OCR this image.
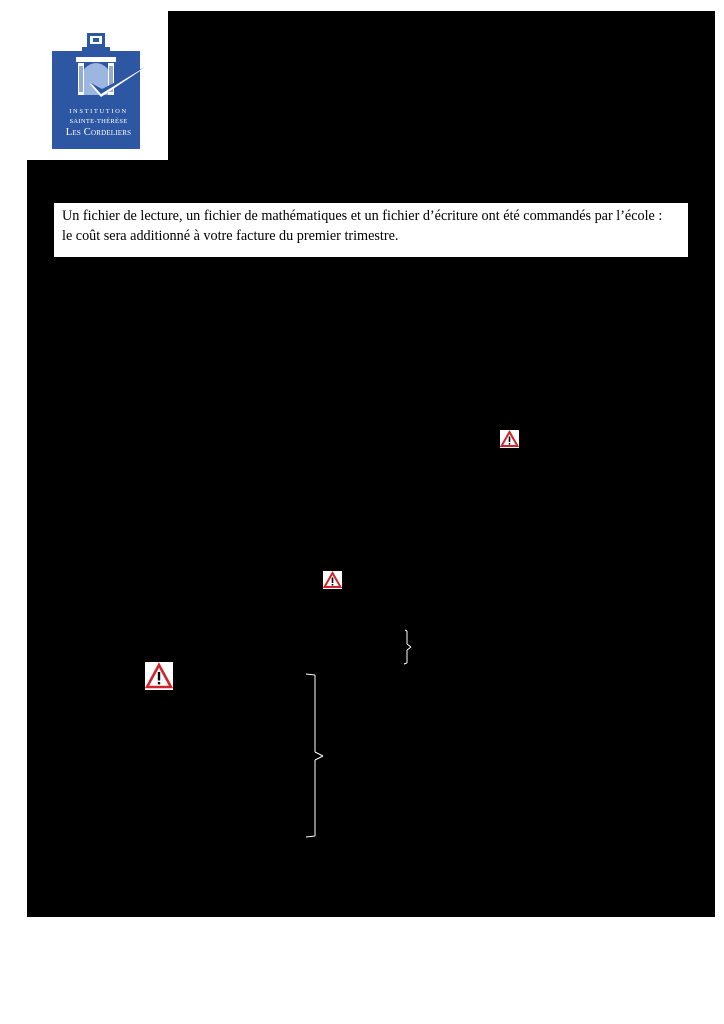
INSTITUTION
SAINTE-THÉRÈSE
Les Cordeliers
Un fichier de lecture, un fichier de mathématiques et un fichier d’écriture ont été commandés par l’école :
le coût sera additionné à votre facture du premier trimestre.
